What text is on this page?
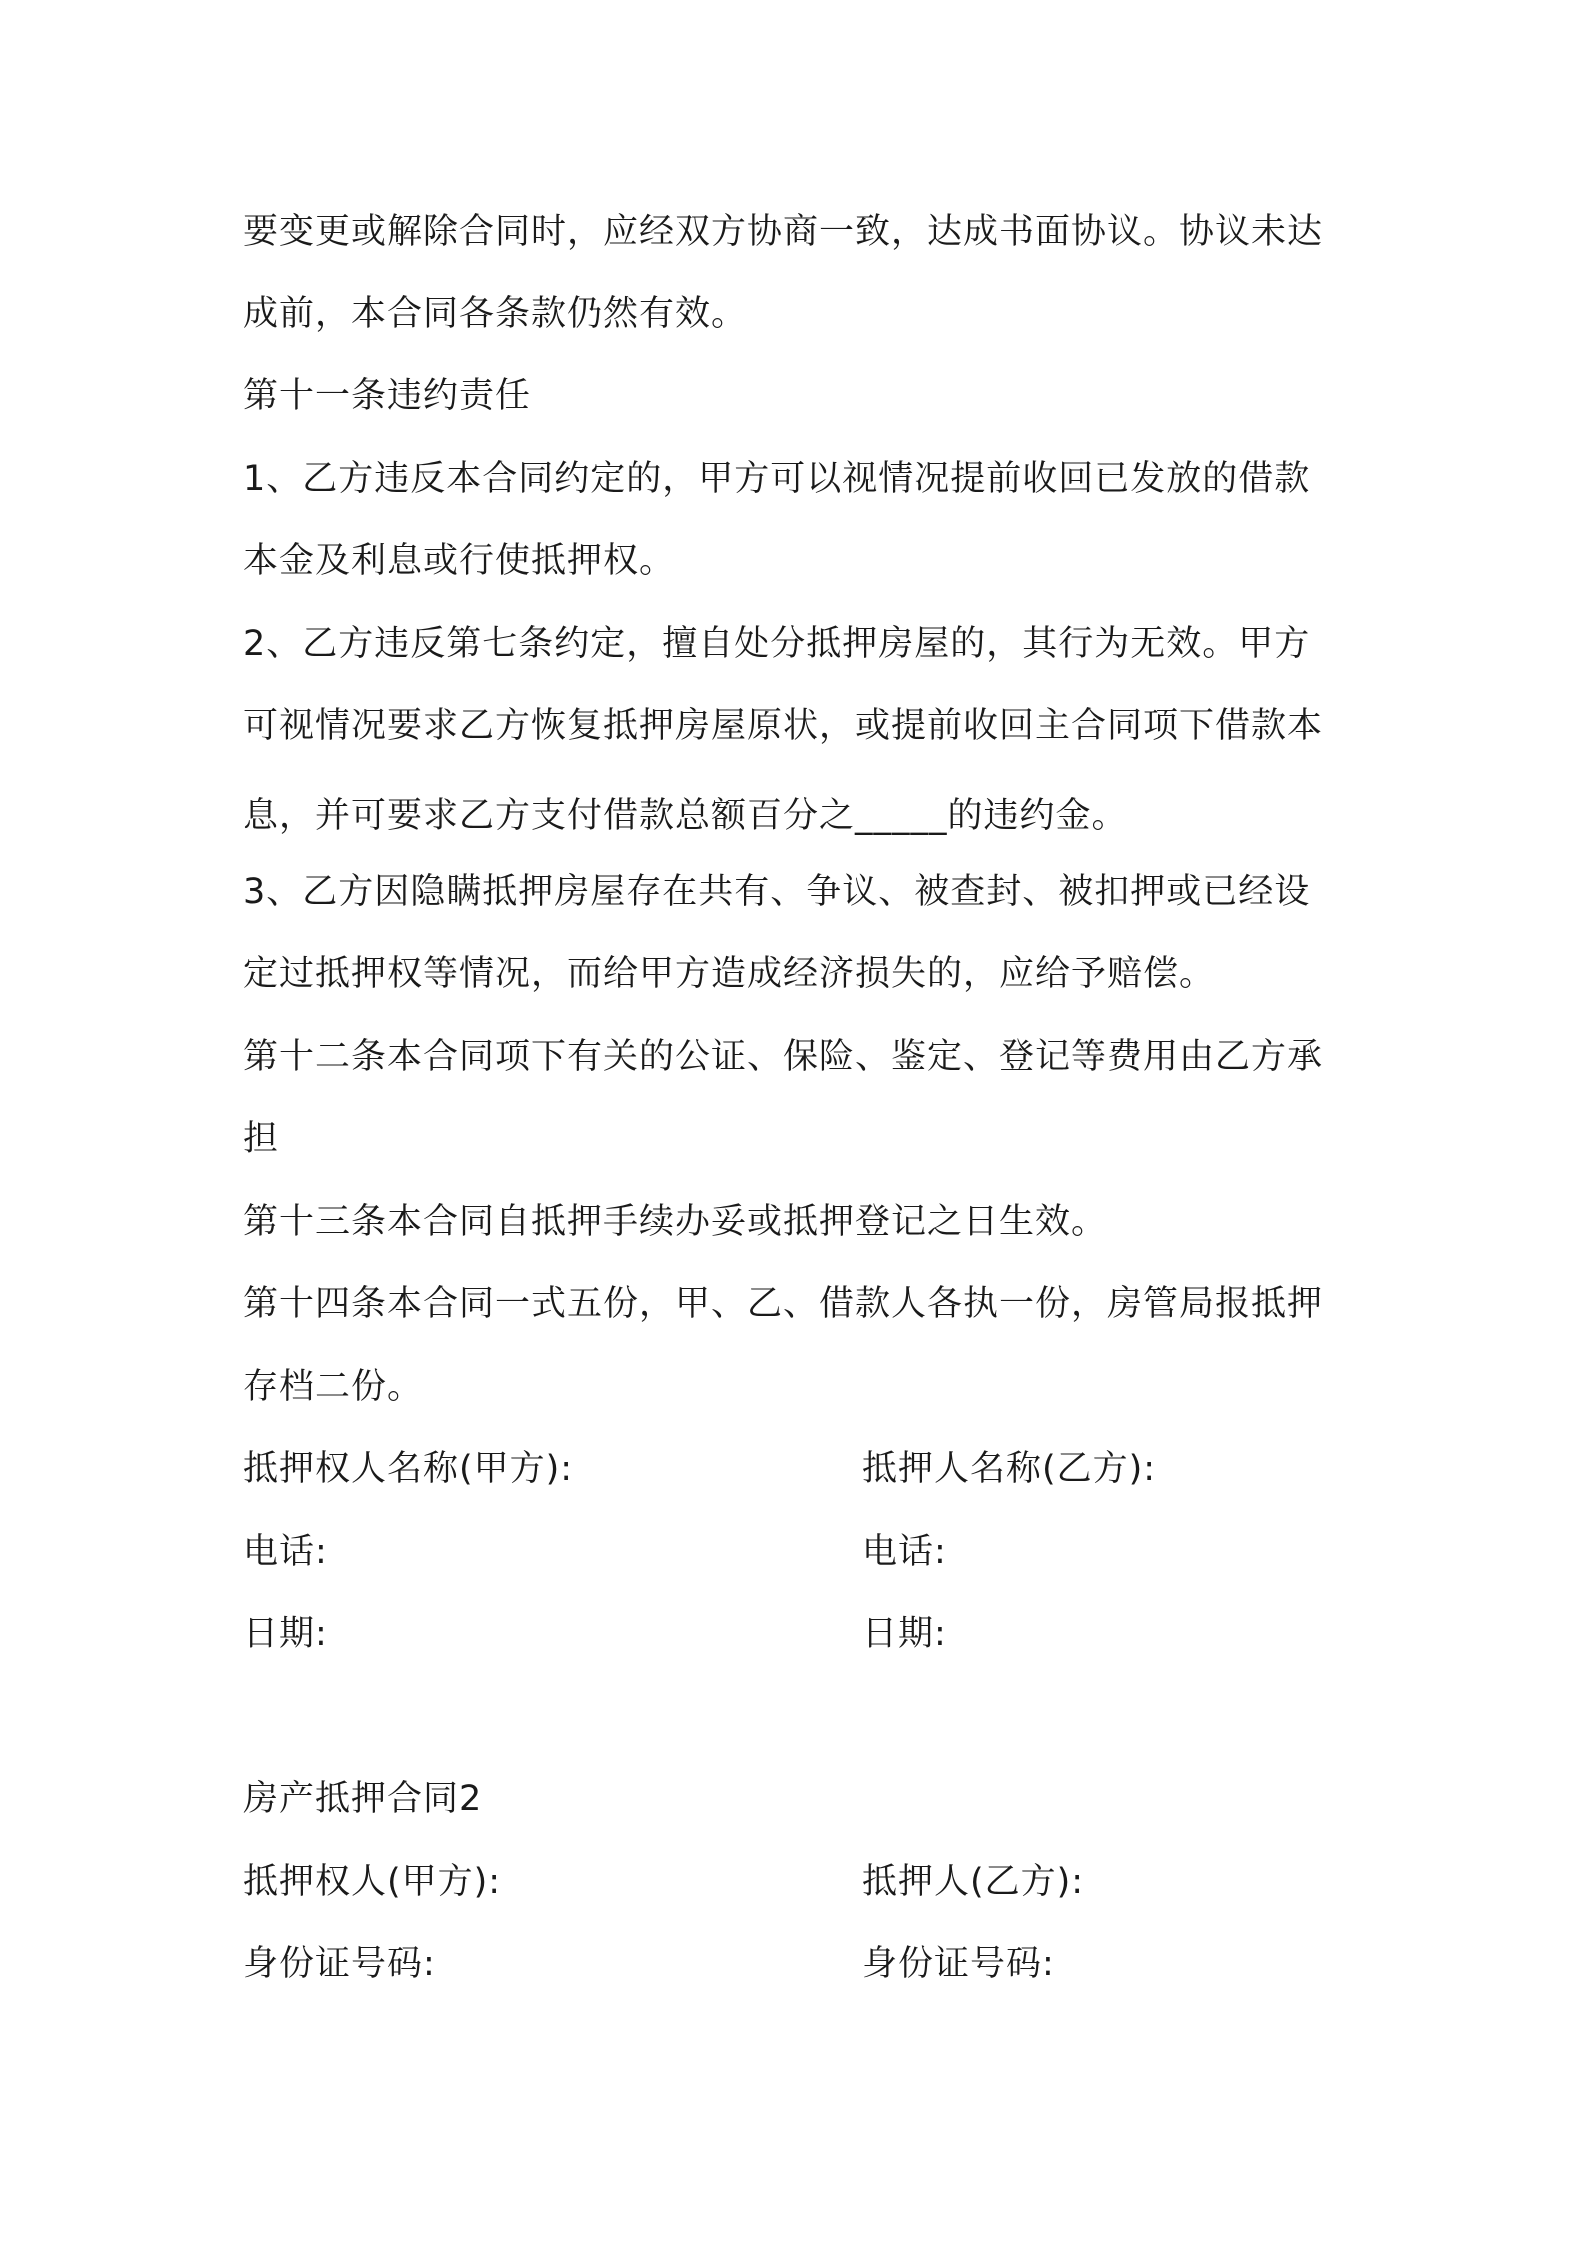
要变更或解除合同时，应经双方协商一致，达成书面协议。协议未达
成前，本合同各条款仍然有效。
第十一条违约责任
1、乙方违反本合同约定的，甲方可以视情况提前收回已发放的借款
本金及利息或行使抵押权。
2、乙方违反第七条约定，擅自处分抵押房屋的，其行为无效。甲方
可视情况要求乙方恢复抵押房屋原状，或提前收回主合同项下借款本
息，并可要求乙方支付借款总额百分之_____的违约金。
3、乙方因隐瞒抵押房屋存在共有、争议、被查封、被扣押或已经设
定过抵押权等情况，而给甲方造成经济损失的，应给予赔偿。
第十二条本合同项下有关的公证、保险、鉴定、登记等费用由乙方承
担
第十三条本合同自抵押手续办妥或抵押登记之日生效。
第十四条本合同一式五份，甲、乙、借款人各执一份，房管局报抵押
存档二份。
抵押权人名称(甲方):	抵押人名称(乙方):
电话:	电话:
日期:	日期:
房产抵押合同2
抵押权人(甲方):	抵押人(乙方):
身份证号码:	身份证号码:
